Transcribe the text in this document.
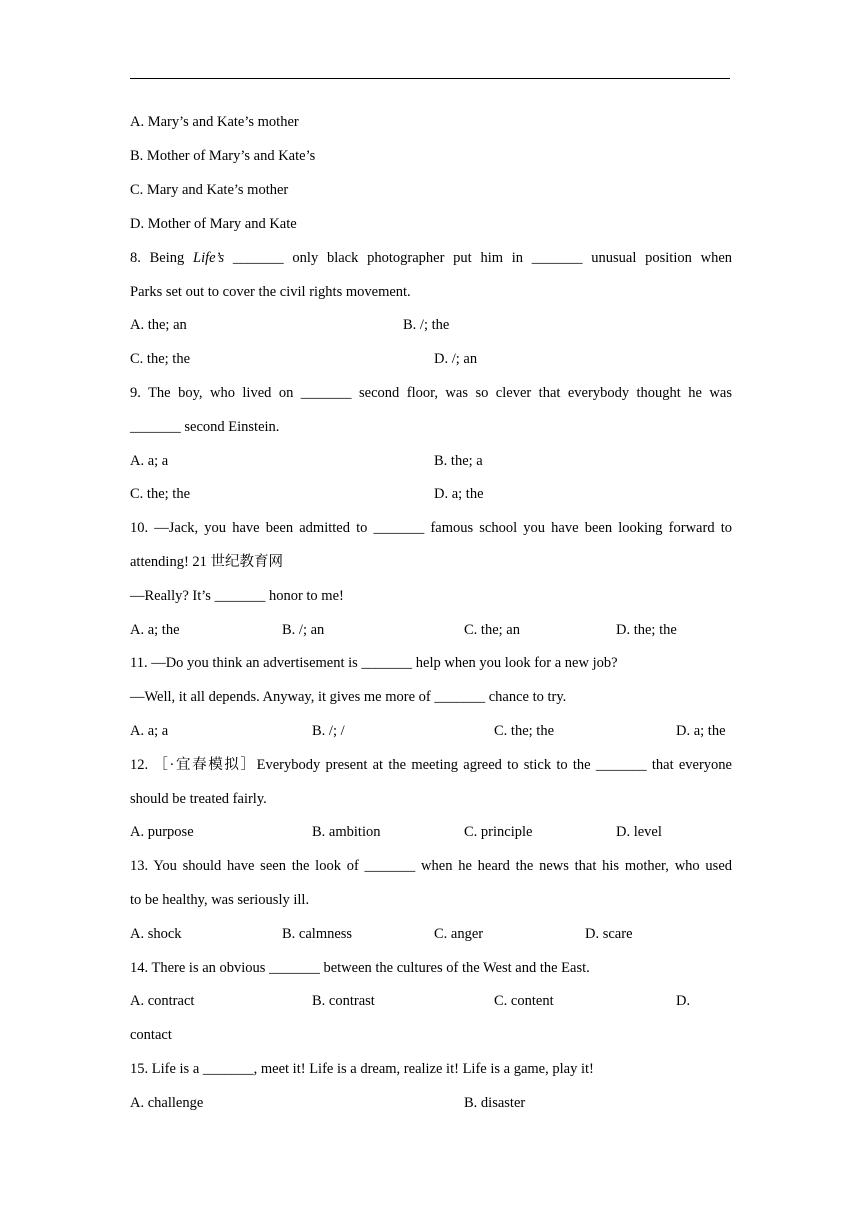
A. Mary’s and Kate’s mother
B. Mother of Mary’s and Kate’s
C. Mary and Kate’s mother
D. Mother of Mary and Kate
8. Being Life’s _______ only black photographer put him in _______ unusual position when
Parks set out to cover the civil rights movement.
A. the; an	B. /; the
C. the; the	D. /; an
9. The boy, who lived on _______ second floor, was so clever that everybody thought he was
_______ second Einstein.
A. a; a	B. the; a
C. the; the	D. a; the
10. —Jack, you have been admitted to _______ famous school you have been looking forward to
attending! 21 世纪教育网
—Really? It’s _______ honor to me!
A. a; the	B. /; an	C. the; an	D. the; the
11. —Do you think an advertisement is _______ help when you look for a new job?
—Well, it all depends. Anyway, it gives me more of _______ chance to try.
A. a; a	B. /; /	C. the; the	D. a; the
12. ［·宜春模拟］Everybody present at the meeting agreed to stick to the _______ that everyone
should be treated fairly.
A. purpose	B. ambition	C. principle	D. level
13. You should have seen the look of _______ when he heard the news that his mother, who used
to be healthy, was seriously ill.
A. shock	B. calmness	C. anger	D. scare
14. There is an obvious _______ between the cultures of the West and the East.
A. contract	B. contrast	C. content	D.
contact
15. Life is a _______, meet it! Life is a dream, realize it! Life is a game, play it!
A. challenge	B. disaster
